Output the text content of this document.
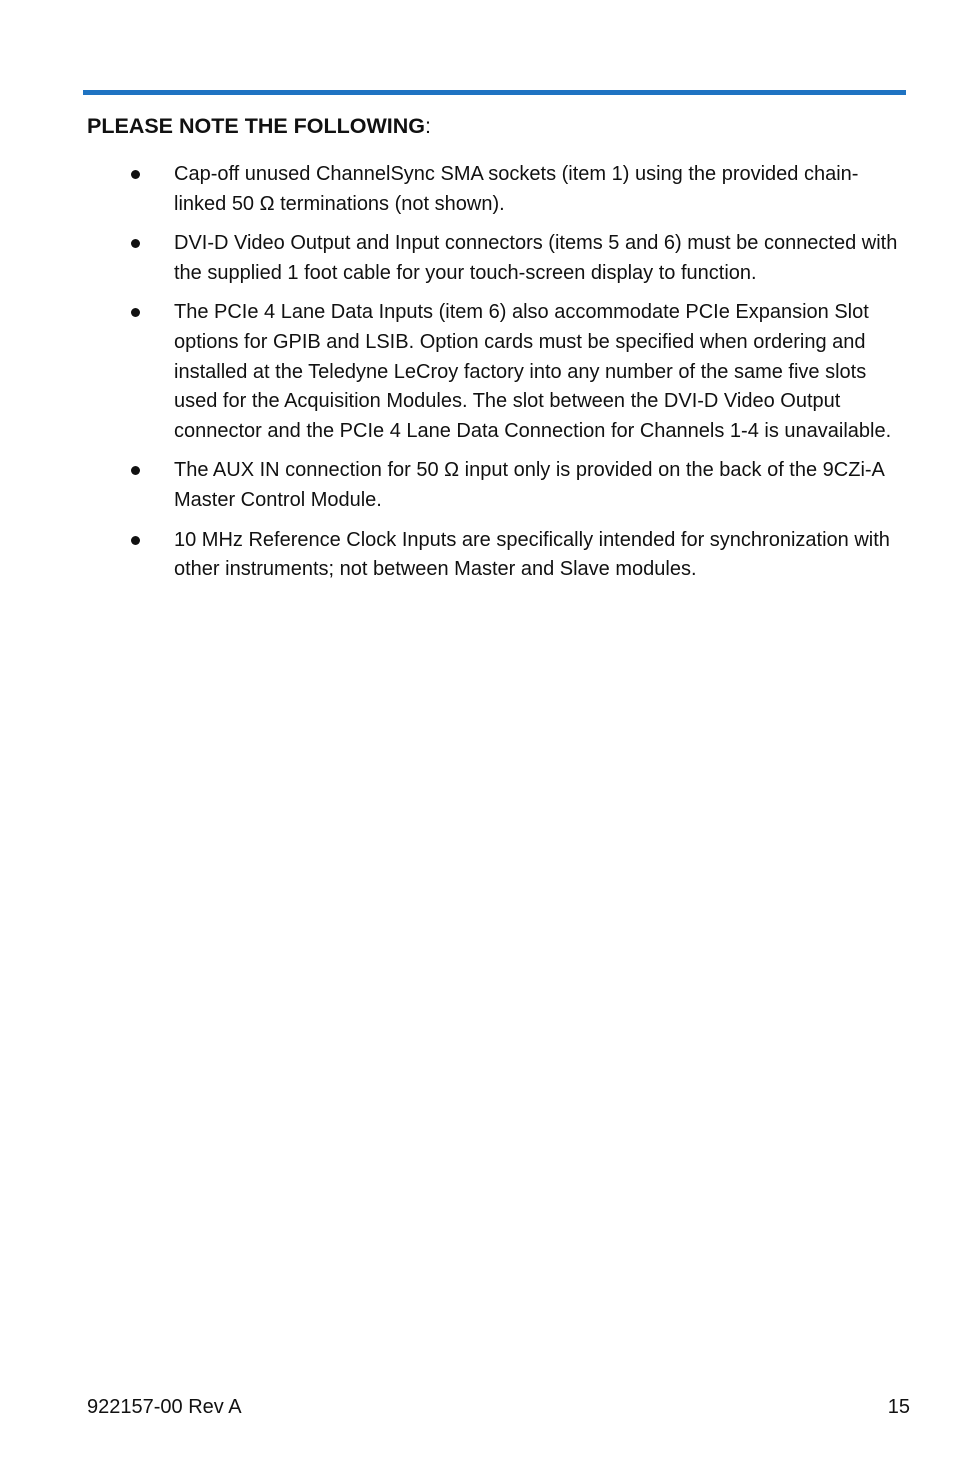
PLEASE NOTE THE FOLLOWING:
Cap-off unused ChannelSync SMA sockets (item 1) using the provided chain-linked 50 Ω terminations (not shown).
DVI-D Video Output and Input connectors (items 5 and 6) must be connected with the supplied 1 foot cable for your touch-screen display to function.
The PCIe 4 Lane Data Inputs (item 6) also accommodate PCIe Expansion Slot options for GPIB and LSIB. Option cards must be specified when ordering and installed at the Teledyne LeCroy factory into any number of the same five slots used for the Acquisition Modules. The slot between the DVI-D Video Output connector and the PCIe 4 Lane Data Connection for Channels 1-4 is unavailable.
The AUX IN connection for 50 Ω input only is provided on the back of the 9CZi-A Master Control Module.
10 MHz Reference Clock Inputs are specifically intended for synchronization with other instruments; not between Master and Slave modules.
922157-00 Rev A	15
